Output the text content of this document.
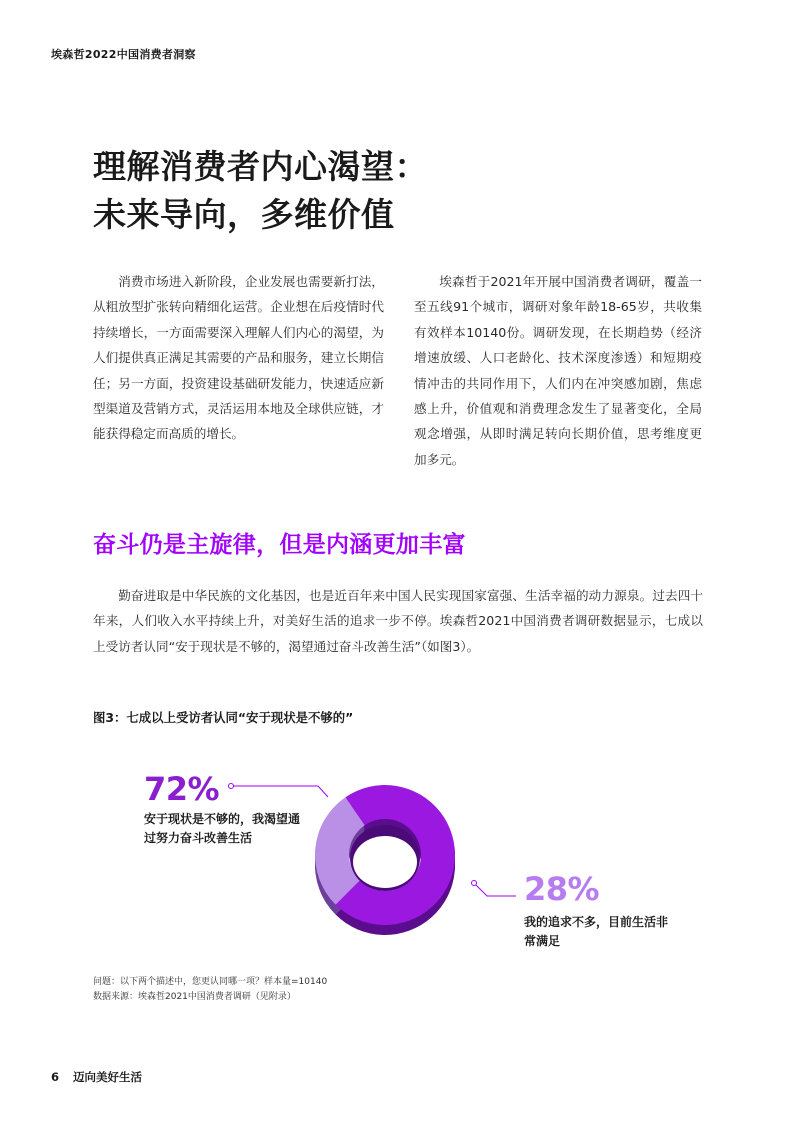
埃森哲2022中国消费者洞察
理解消费者内心渴望：
未来导向，多维价值
消费市场进入新阶段，企业发展也需要新打法，从粗放型扩张转向精细化运营。企业想在后疫情时代持续增长，一方面需要深入理解人们内心的渴望，为人们提供真正满足其需要的产品和服务，建立长期信任；另一方面，投资建设基础研发能力，快速适应新型渠道及营销方式，灵活运用本地及全球供应链，才能获得稳定而高质的增长。
埃森哲于2021年开展中国消费者调研，覆盖一至五线91个城市，调研对象年龄18-65岁，共收集有效样本10140份。调研发现，在长期趋势（经济增速放缓、人口老龄化、技术深度渗透）和短期疫情冲击的共同作用下，人们内在冲突感加剧，焦虑感上升，价值观和消费理念发生了显著变化，全局观念增强，从即时满足转向长期价值，思考维度更加多元。
奋斗仍是主旋律，但是内涵更加丰富
勤奋进取是中华民族的文化基因，也是近百年来中国人民实现国家富强、生活幸福的动力源泉。过去四十年来，人们收入水平持续上升，对美好生活的追求一步不停。埃森哲2021中国消费者调研数据显示，七成以上受访者认同“安于现状是不够的，渴望通过奋斗改善生活”（如图3）。
图3：七成以上受访者认同“安于现状是不够的”
72%
安于现状是不够的，我渴望通过努力奋斗改善生活
28%
我的追求不多，目前生活非常满足
问题：以下两个描述中，您更认同哪一项？样本量=10140
数据来源：埃森哲2021中国消费者调研（见附录）
6 迈向美好生活
